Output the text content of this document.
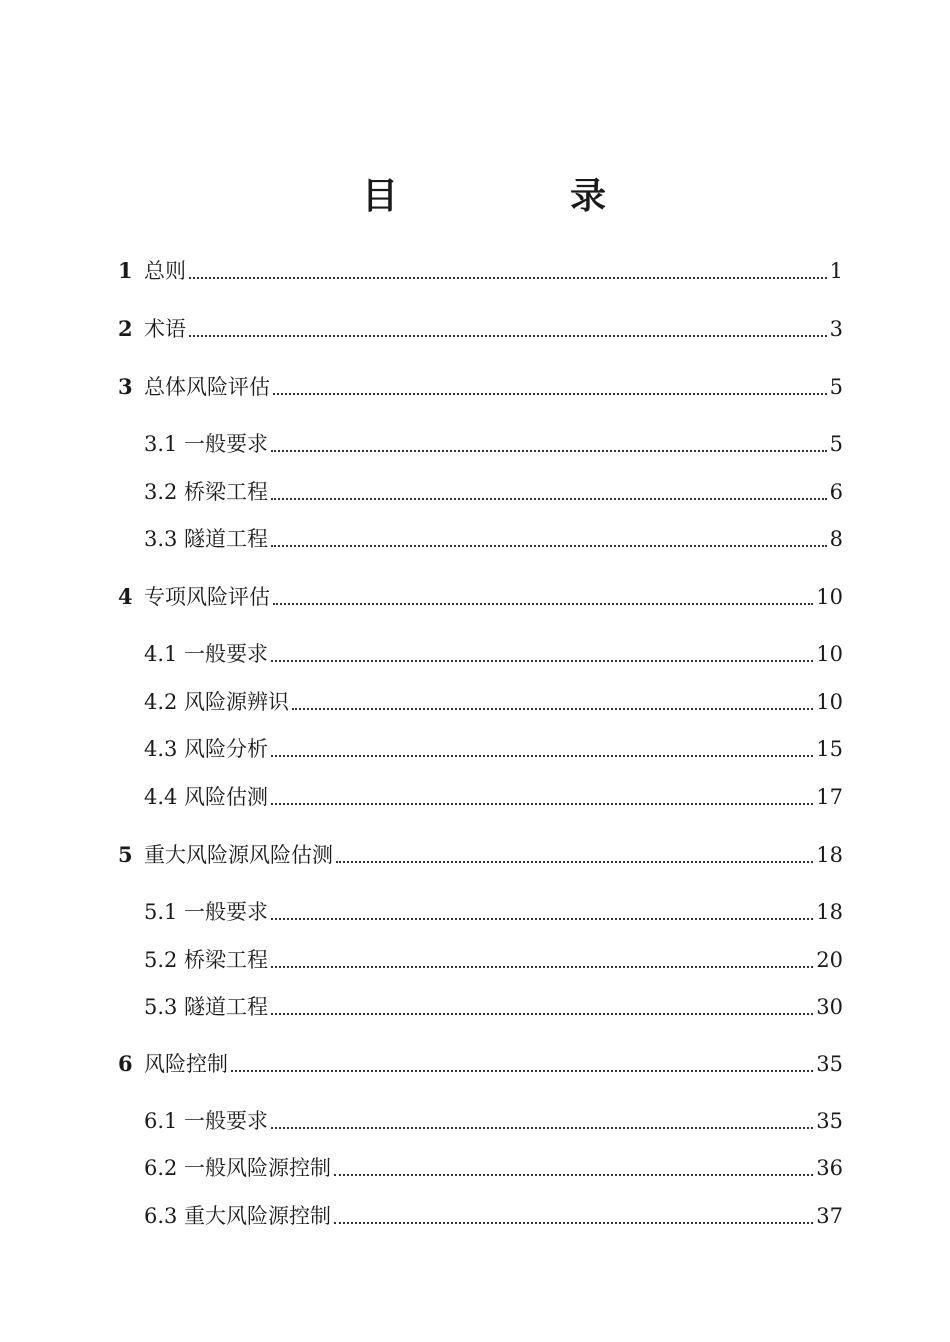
目　录
1 总则	1
2 术语	3
3 总体风险评估	5
3.1 一般要求	5
3.2 桥梁工程	6
3.3 隧道工程	8
4 专项风险评估	10
4.1 一般要求	10
4.2 风险源辨识	10
4.3 风险分析	15
4.4 风险估测	17
5 重大风险源风险估测	18
5.1 一般要求	18
5.2 桥梁工程	20
5.3 隧道工程	30
6 风险控制	35
6.1 一般要求	35
6.2 一般风险源控制	36
6.3 重大风险源控制	37
